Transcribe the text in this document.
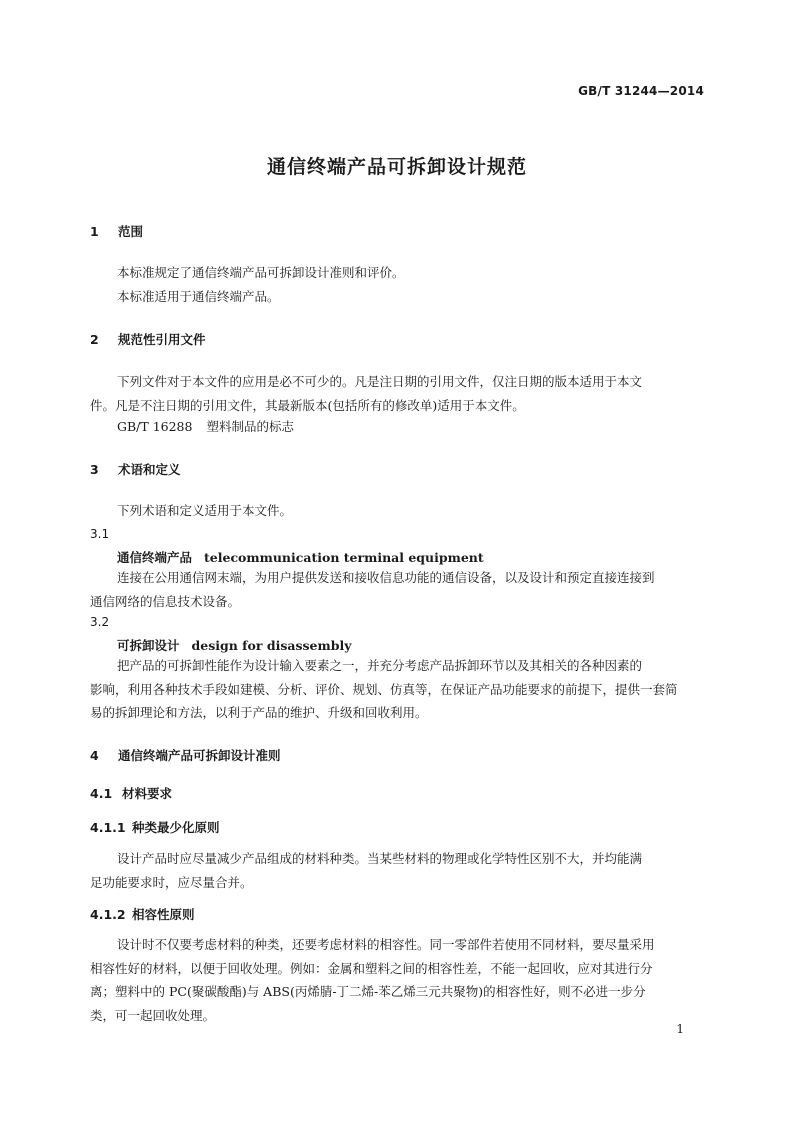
GB/T 31244—2014
通信终端产品可拆卸设计规范
1 范围
本标准规定了通信终端产品可拆卸设计准则和评价。
本标准适用于通信终端产品。
2 规范性引用文件
下列文件对于本文件的应用是必不可少的。凡是注日期的引用文件，仅注日期的版本适用于本文
件。凡是不注日期的引用文件，其最新版本(包括所有的修改单)适用于本文件。
GB/T 16288 塑料制品的标志
3 术语和定义
下列术语和定义适用于本文件。
3.1
通信终端产品 telecommunication terminal equipment
连接在公用通信网末端，为用户提供发送和接收信息功能的通信设备，以及设计和预定直接连接到
通信网络的信息技术设备。
3.2
可拆卸设计 design for disassembly
把产品的可拆卸性能作为设计输入要素之一，并充分考虑产品拆卸环节以及其相关的各种因素的
影响，利用各种技术手段如建模、分析、评价、规划、仿真等，在保证产品功能要求的前提下，提供一套简
易的拆卸理论和方法，以利于产品的维护、升级和回收利用。
4 通信终端产品可拆卸设计准则
4.1 材料要求
4.1.1 种类最少化原则
设计产品时应尽量减少产品组成的材料种类。当某些材料的物理或化学特性区别不大，并均能满
足功能要求时，应尽量合并。
4.1.2 相容性原则
设计时不仅要考虑材料的种类，还要考虑材料的相容性。同一零部件若使用不同材料，要尽量采用
相容性好的材料，以便于回收处理。例如：金属和塑料之间的相容性差，不能一起回收，应对其进行分
离；塑料中的 PC(聚碳酸酯)与 ABS(丙烯腈-丁二烯-苯乙烯三元共聚物)的相容性好，则不必进一步分
类，可一起回收处理。
1
